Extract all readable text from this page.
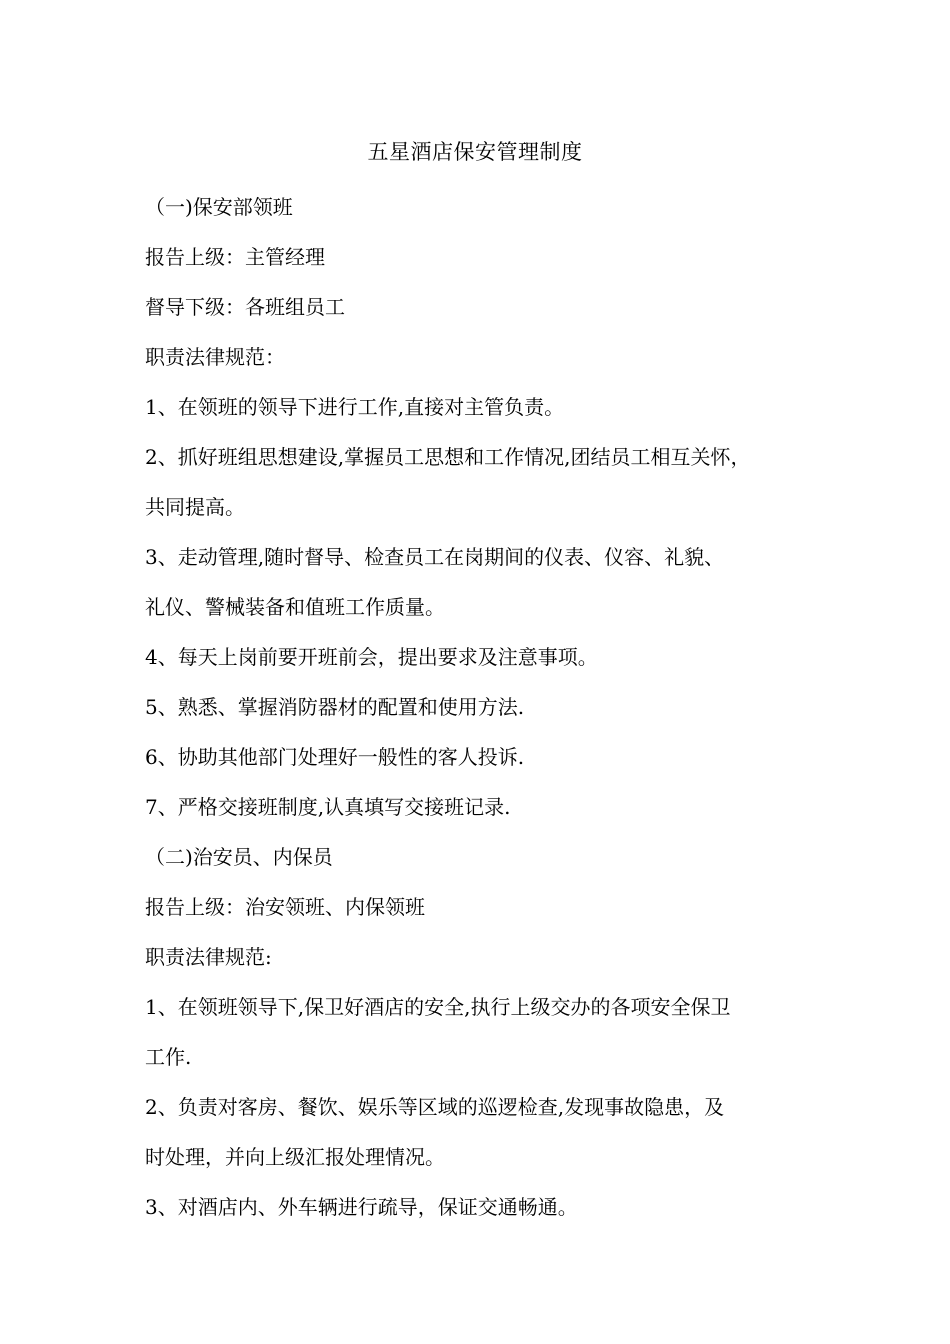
五星酒店保安管理制度
（一)保安部领班
报告上级：主管经理
督导下级：各班组员工
职责法律规范：
1、在领班的领导下进行工作,直接对主管负责。
2、抓好班组思想建设,掌握员工思想和工作情况,团结员工相互关怀，
共同提高。
3、走动管理,随时督导、检查员工在岗期间的仪表、仪容、礼貌、
礼仪、警械装备和值班工作质量。
4、每天上岗前要开班前会，提出要求及注意事项。
5、熟悉、掌握消防器材的配置和使用方法.
6、协助其他部门处理好一般性的客人投诉.
7、严格交接班制度,认真填写交接班记录.
（二)治安员、内保员
报告上级：治安领班、内保领班
职责法律规范:
1、在领班领导下,保卫好酒店的安全,执行上级交办的各项安全保卫
工作.
2、负责对客房、餐饮、娱乐等区域的巡逻检查,发现事故隐患，及
时处理，并向上级汇报处理情况。
3、对酒店内、外车辆进行疏导，保证交通畅通。
